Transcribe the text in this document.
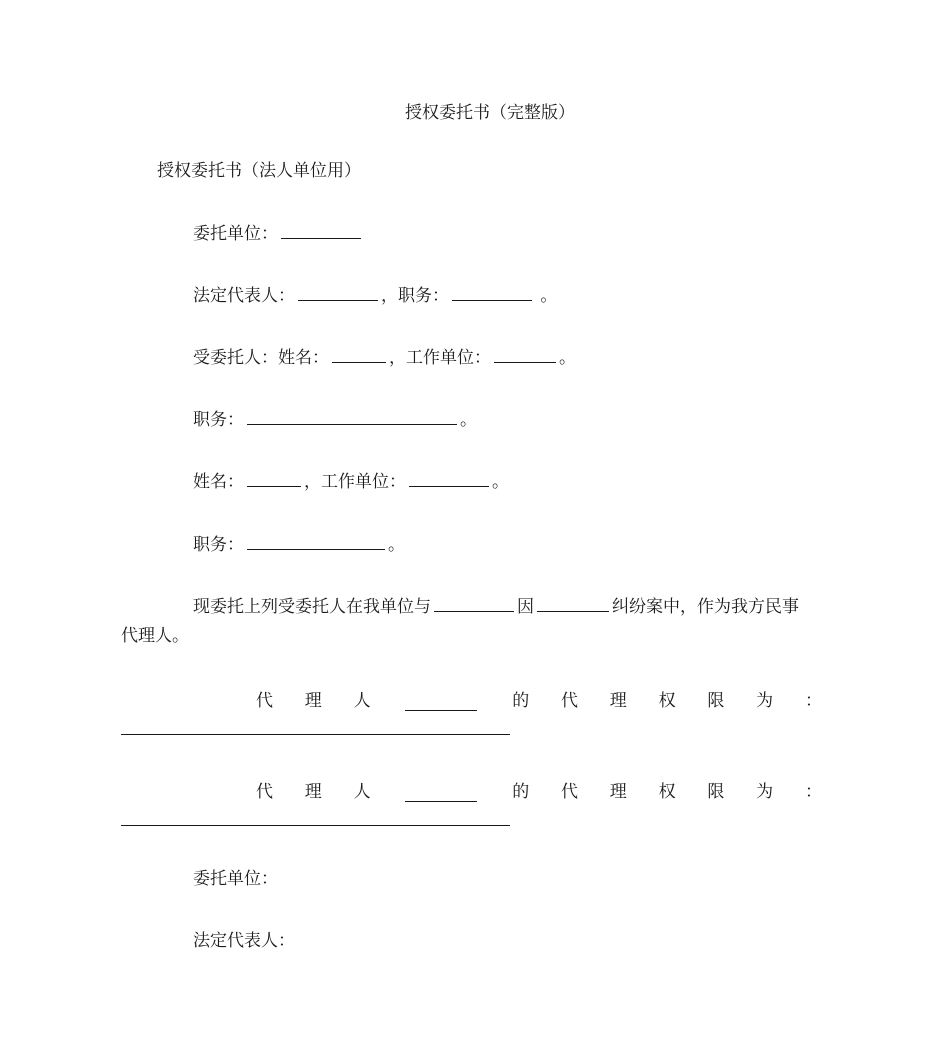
授权委托书（完整版）
授权委托书（法人单位用）
委托单位：
法定代表人：	，职务：	。
受委托人：姓名：	，工作单位：	。
职务：	。
姓名：	，工作单位：	。
职务：	。
现委托上列受委托人在我单位与	因	纠纷案中，作为我方民事
代理人。
代 理 人	的 代 理 权 限 为 ：
代 理 人	的 代 理 权 限 为 ：
委托单位：
法定代表人：
